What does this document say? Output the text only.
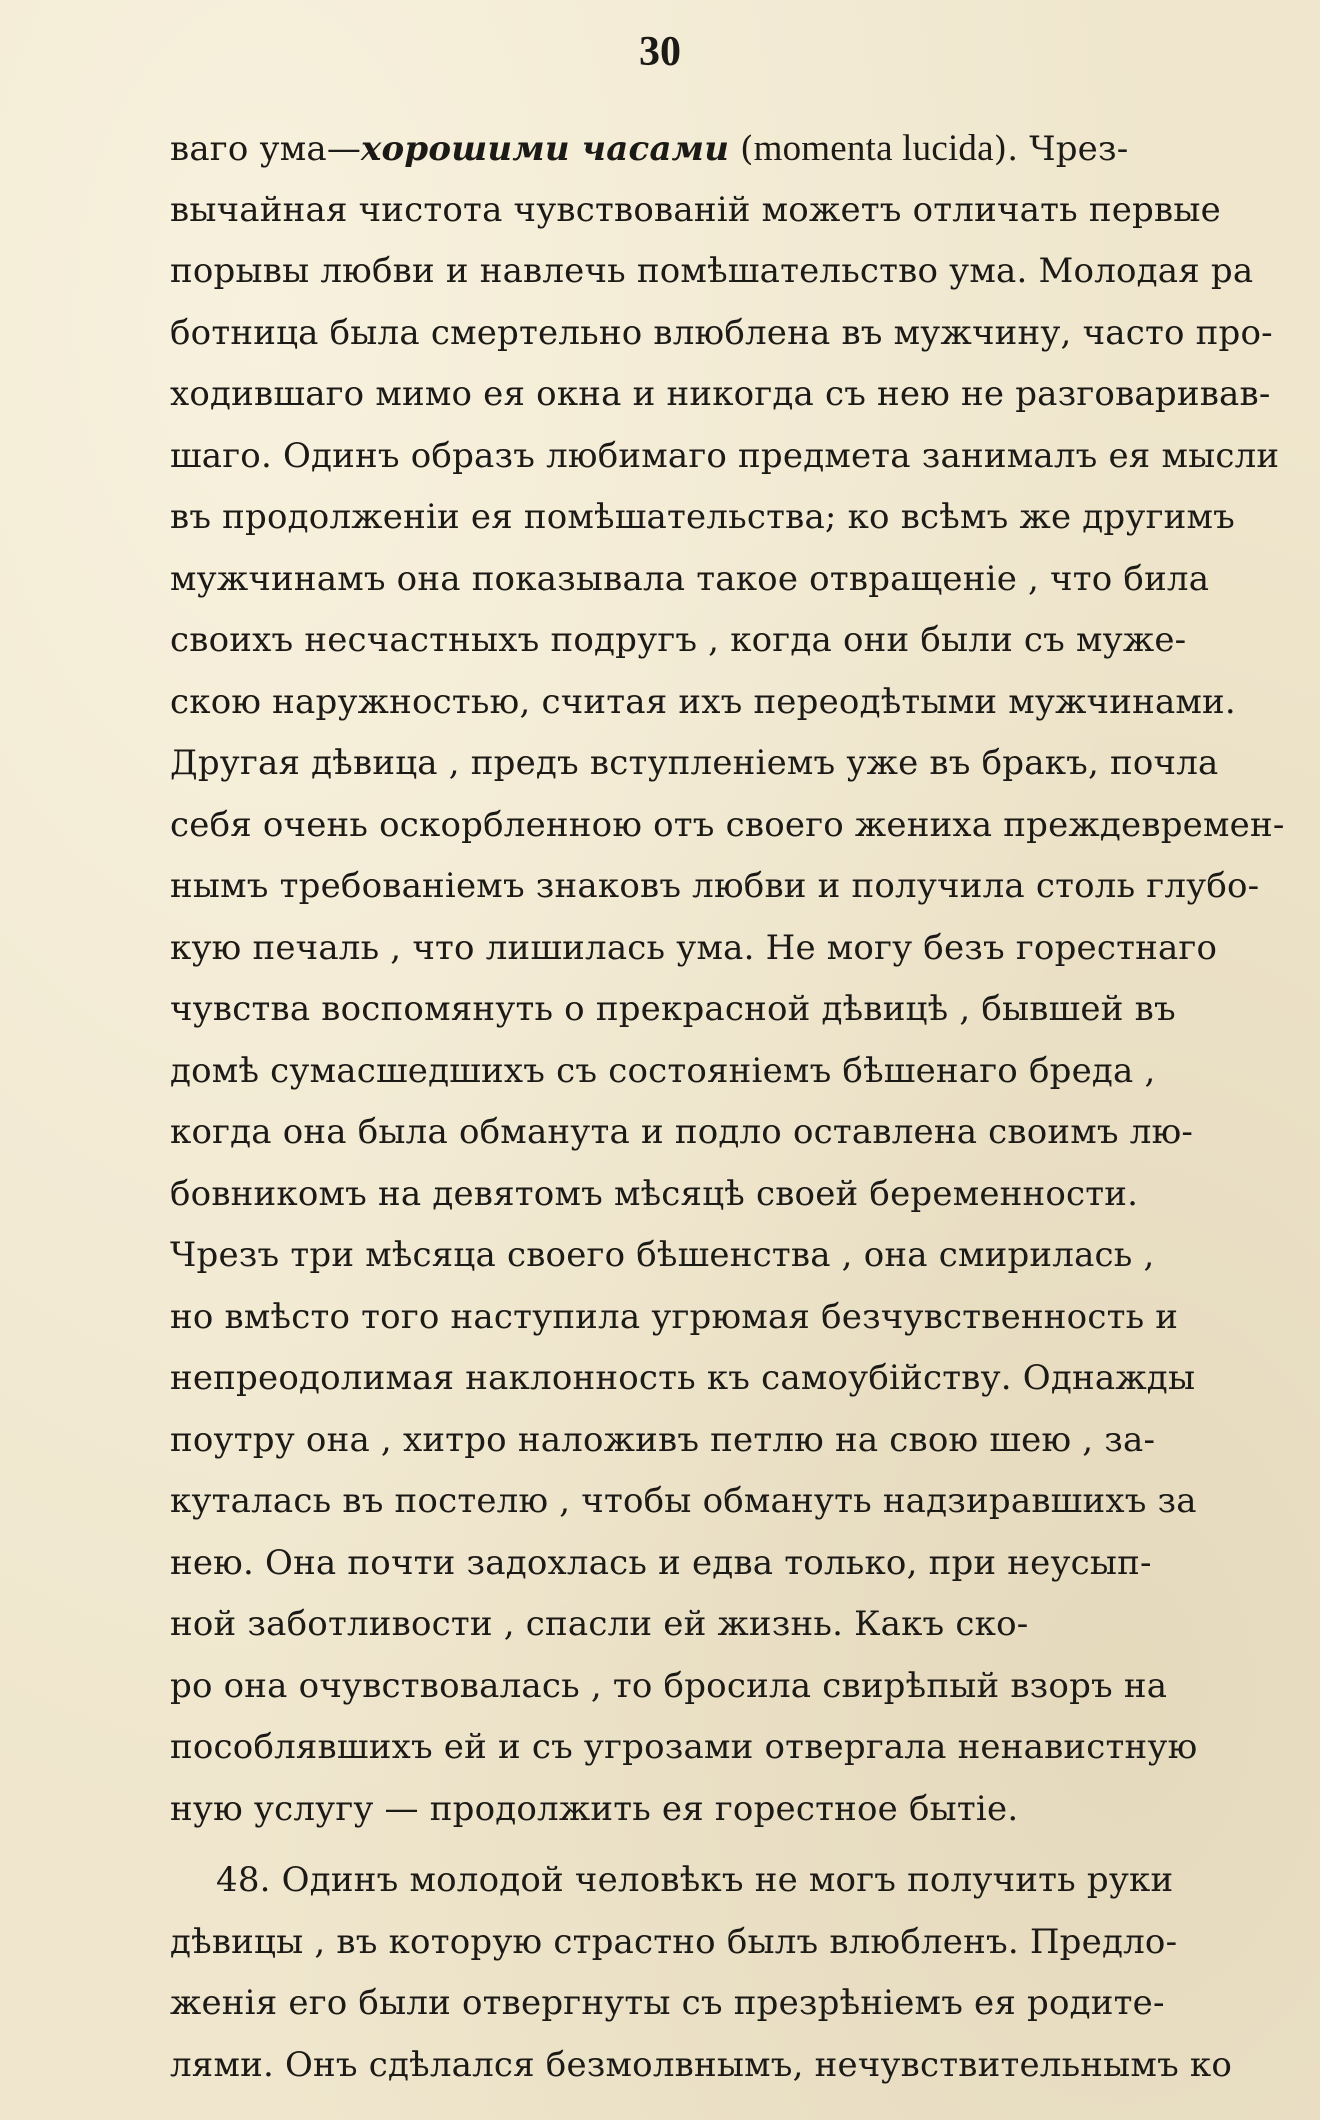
30
ваго ума—хорошими часами (momenta lucida). Чрез-
вычайная чистота чувствованій можетъ отличать первые
порывы любви и навлечь помѣшательство ума. Молодая ра
ботница была смертельно влюблена въ мужчину, часто про-
ходившаго мимо ея окна и никогда съ нею не разговаривав-
шаго. Одинъ образъ любимаго предмета занималъ ея мысли
въ продолженіи ея помѣшательства; ко всѣмъ же другимъ
мужчинамъ она показывала такое отвращеніе , что била
своихъ несчастныхъ подругъ , когда они были съ муже-
скою наружностью, считая ихъ переодѣтыми мужчинами.
Другая дѣвица , предъ вступленіемъ уже въ бракъ, почла
себя очень оскорбленною отъ своего жениха преждевремен-
нымъ требованіемъ знаковъ любви и получила столь глубо-
кую печаль , что лишилась ума. Не могу безъ горестнаго
чувства воспомянуть о прекрасной дѣвицѣ , бывшей въ
домѣ сумасшедшихъ съ состояніемъ бѣшенаго бреда ,
когда она была обманута и подло оставлена своимъ лю-
бовникомъ на девятомъ мѣсяцѣ своей беременности.
Чрезъ три мѣсяца своего бѣшенства , она смирилась ,
но вмѣсто того наступила угрюмая безчувственность и
непреодолимая наклонность къ самоубійству. Однажды
поутру она , хитро наложивъ петлю на свою шею , за-
куталась въ постелю , чтобы обмануть надзиравшихъ за
нею. Она почти задохлась и едва только, при неусып-
ной заботливости , спасли ей жизнь. Какъ ско-
ро она очувствовалась , то бросила свирѣпый взоръ на
пособлявшихъ ей и съ угрозами отвергала ненавистную
ную услугу — продолжить ея горестное бытіе.
48. Одинъ молодой человѣкъ не могъ получить руки
дѣвицы , въ которую страстно былъ влюбленъ. Предло-
женія его были отвергнуты съ презрѣніемъ ея родите-
лями. Онъ сдѣлался безмолвнымъ, нечувствительнымъ ко
